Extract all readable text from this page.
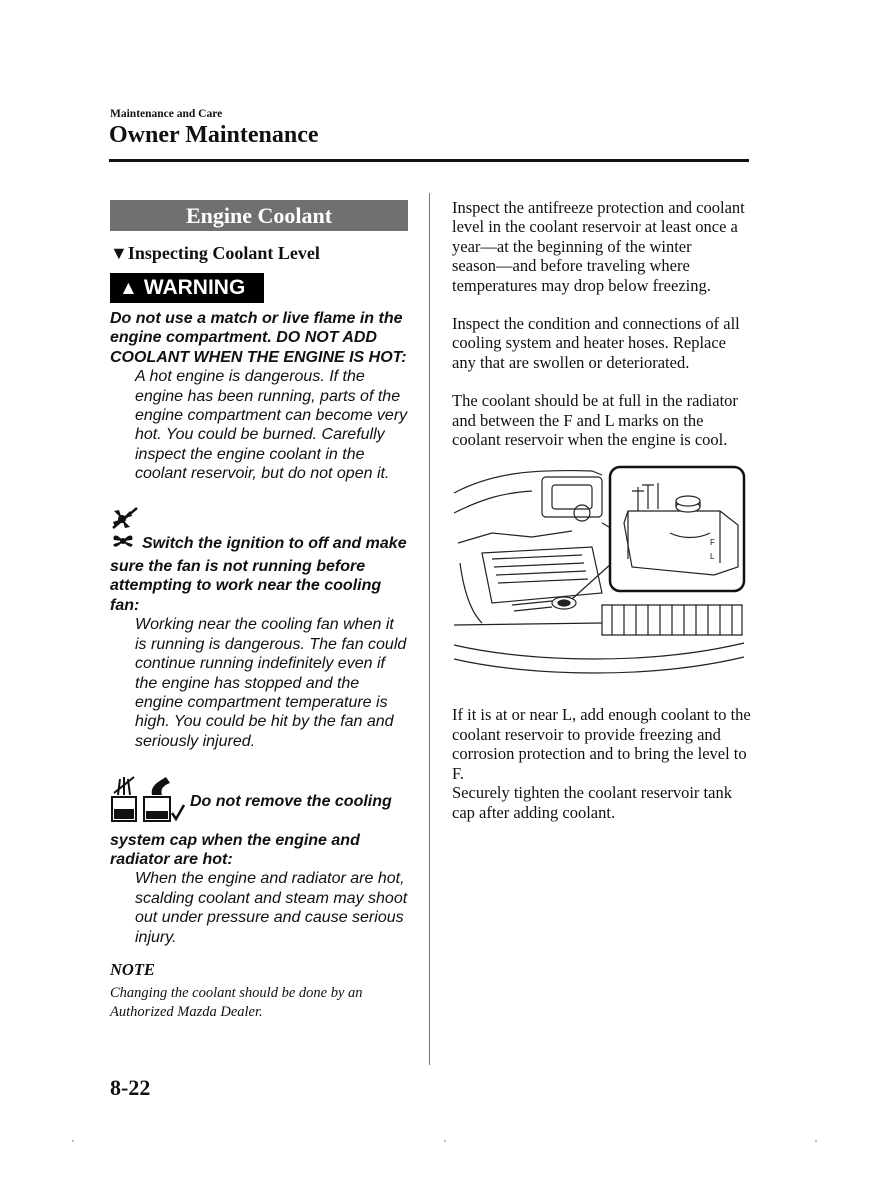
Maintenance and Care
Owner Maintenance
Engine Coolant
▼Inspecting Coolant Level
▲ WARNING
Do not use a match or live flame in the engine compartment. DO NOT ADD COOLANT WHEN THE ENGINE IS HOT:
A hot engine is dangerous. If the engine has been running, parts of the engine compartment can become very hot. You could be burned. Carefully inspect the engine coolant in the coolant reservoir, but do not open it.
Switch the ignition to off and make sure the fan is not running before attempting to work near the cooling fan:
Working near the cooling fan when it is running is dangerous. The fan could continue running indefinitely even if the engine has stopped and the engine compartment temperature is high. You could be hit by the fan and seriously injured.
Do not remove the cooling system cap when the engine and radiator are hot:
When the engine and radiator are hot, scalding coolant and steam may shoot out under pressure and cause serious injury.
NOTE
Changing the coolant should be done by an Authorized Mazda Dealer.

Inspect the antifreeze protection and coolant level in the coolant reservoir at least once a year―at the beginning of the winter season―and before traveling where temperatures may drop below freezing.

Inspect the condition and connections of all cooling system and heater hoses. Replace any that are swollen or deteriorated.

The coolant should be at full in the radiator and between the F and L marks on the coolant reservoir when the engine is cool.

F
L

If it is at or near L, add enough coolant to the coolant reservoir to provide freezing and corrosion protection and to bring the level to F.

Securely tighten the coolant reservoir tank cap after adding coolant.

8-22
